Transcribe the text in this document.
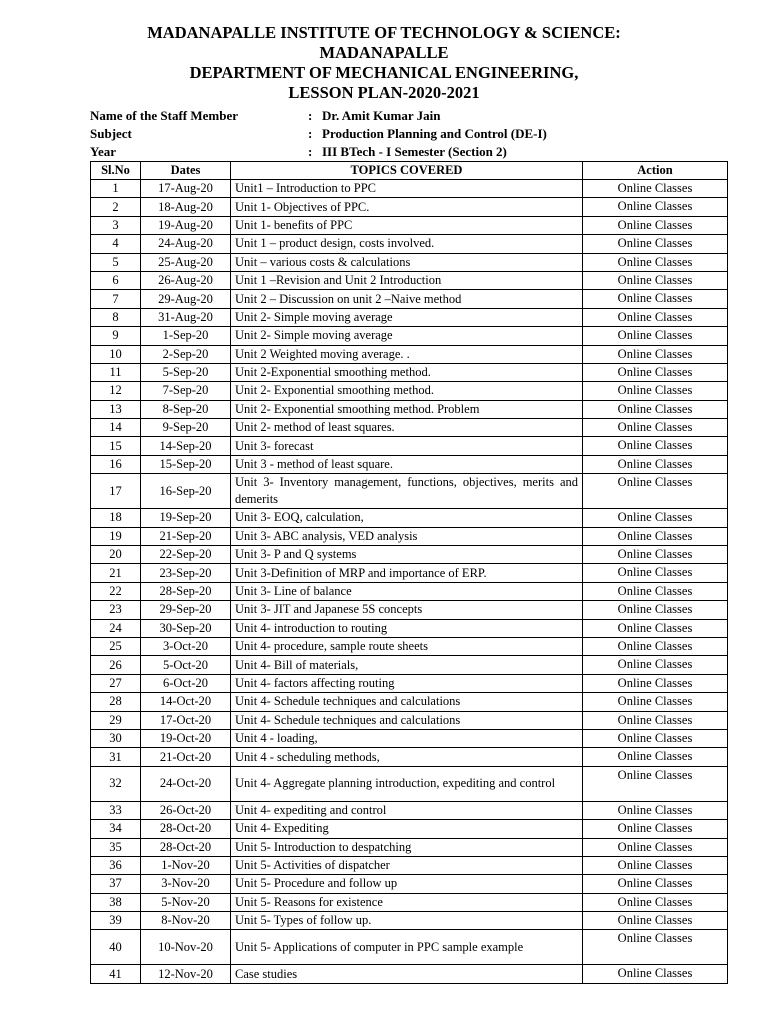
MADANAPALLE INSTITUTE OF TECHNOLOGY & SCIENCE:
MADANAPALLE
DEPARTMENT OF MECHANICAL ENGINEERING,
LESSON PLAN-2020-2021
Name of the Staff Member	: Dr. Amit Kumar Jain
Subject	: Production Planning and Control (DE-I)
Year	: III BTech - I Semester (Section 2)
Sl.No	Dates	TOPICS COVERED	Action
1	17-Aug-20	Unit1 – Introduction to PPC	Online Classes
2	18-Aug-20	Unit 1- Objectives of PPC.	Online Classes
3	19-Aug-20	Unit 1- benefits of PPC	Online Classes
4	24-Aug-20	Unit 1 – product design, costs involved.	Online Classes
5	25-Aug-20	Unit – various costs & calculations	Online Classes
6	26-Aug-20	Unit 1 –Revision and Unit 2 Introduction	Online Classes
7	29-Aug-20	Unit 2 – Discussion on unit 2 –Naive method	Online Classes
8	31-Aug-20	Unit 2- Simple moving average	Online Classes
9	1-Sep-20	Unit 2- Simple moving average	Online Classes
10	2-Sep-20	Unit 2 Weighted moving average. .	Online Classes
11	5-Sep-20	Unit 2-Exponential smoothing method.	Online Classes
12	7-Sep-20	Unit 2- Exponential smoothing method.	Online Classes
13	8-Sep-20	Unit 2- Exponential smoothing method. Problem	Online Classes
14	9-Sep-20	Unit 2- method of least squares.	Online Classes
15	14-Sep-20	Unit 3- forecast	Online Classes
16	15-Sep-20	Unit 3 - method of least square.	Online Classes
17	16-Sep-20	Unit 3- Inventory management, functions, objectives, merits and demerits	Online Classes
18	19-Sep-20	Unit 3- EOQ, calculation,	Online Classes
19	21-Sep-20	Unit 3- ABC analysis, VED analysis	Online Classes
20	22-Sep-20	Unit 3- P and Q systems	Online Classes
21	23-Sep-20	Unit 3-Definition of MRP and importance of ERP.	Online Classes
22	28-Sep-20	Unit 3- Line of balance	Online Classes
23	29-Sep-20	Unit 3- JIT and Japanese 5S concepts	Online Classes
24	30-Sep-20	Unit 4- introduction to routing	Online Classes
25	3-Oct-20	Unit 4- procedure, sample route sheets	Online Classes
26	5-Oct-20	Unit 4- Bill of materials,	Online Classes
27	6-Oct-20	Unit 4- factors affecting routing	Online Classes
28	14-Oct-20	Unit 4- Schedule techniques and calculations	Online Classes
29	17-Oct-20	Unit 4- Schedule techniques and calculations	Online Classes
30	19-Oct-20	Unit 4 - loading,	Online Classes
31	21-Oct-20	Unit 4 - scheduling methods,	Online Classes
32	24-Oct-20	Unit 4- Aggregate planning introduction, expediting and control	Online Classes
33	26-Oct-20	Unit 4- expediting and control	Online Classes
34	28-Oct-20	Unit 4- Expediting	Online Classes
35	28-Oct-20	Unit 5- Introduction to despatching	Online Classes
36	1-Nov-20	Unit 5- Activities of dispatcher	Online Classes
37	3-Nov-20	Unit 5- Procedure and follow up	Online Classes
38	5-Nov-20	Unit 5- Reasons for existence	Online Classes
39	8-Nov-20	Unit 5- Types of follow up.	Online Classes
40	10-Nov-20	Unit 5- Applications of computer in PPC sample example	Online Classes
41	12-Nov-20	Case studies	Online Classes
